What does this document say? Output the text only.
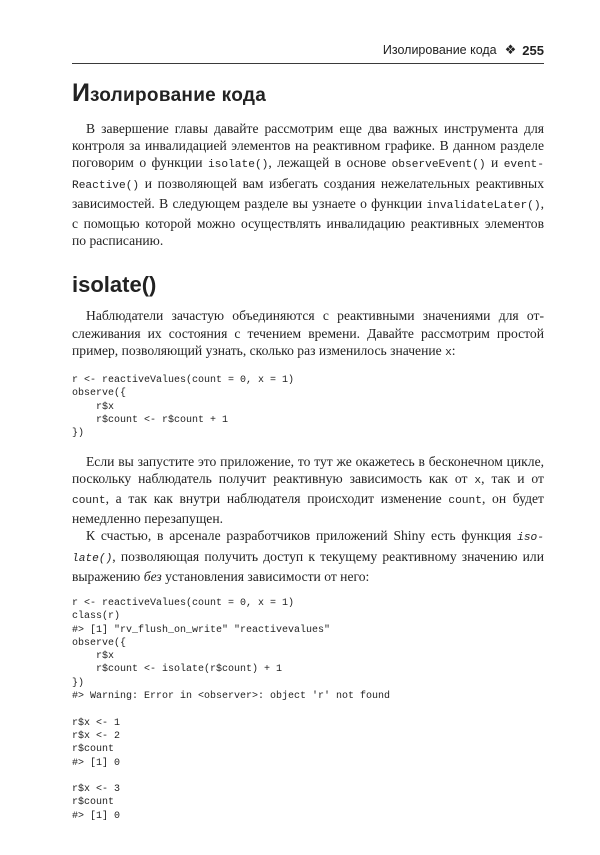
Изолирование кода ❖ 255
Изолирование кода

В завершение главы давайте рассмотрим еще два важных инструмента для контроля за инвалидацией элементов на реактивном графике. В данном разделе поговорим о функции isolate(), лежащей в основе observeEvent() и eventReactive() и позволяющей вам избегать создания нежелательных реактивных зависимостей. В следующем разделе вы узнаете о функции invalidateLater(), с помощью которой можно осуществлять инвалидацию реактивных элементов по расписанию.

isolate()

Наблюдатели зачастую объединяются с реактивными значениями для отслеживания их состояния с течением времени. Давайте рассмотрим простой пример, позволяющий узнать, сколько раз изменилось значение x:

r <- reactiveValues(count = 0, x = 1)
observe({
r$x
r$count <- r$count + 1
})

Если вы запустите это приложение, то тут же окажетесь в бесконечном цикле, поскольку наблюдатель получит реактивную зависимость как от x, так и от count, а так как внутри наблюдателя происходит изменение count, он будет немедленно перезапущен.

К счастью, в арсенале разработчиков приложений Shiny есть функция isolate(), позволяющая получить доступ к текущему реактивному значению или выражению без установления зависимости от него:

r <- reactiveValues(count = 0, x = 1)
class(r)
#> [1] "rv_flush_on_write" "reactivevalues"
observe({
r$x
r$count <- isolate(r$count) + 1
})
#> Warning: Error in <observer>: object 'r' not found
r$x <- 1
r$x <- 2
r$count
#> [1] 0
r$x <- 3
r$count
#> [1] 0
